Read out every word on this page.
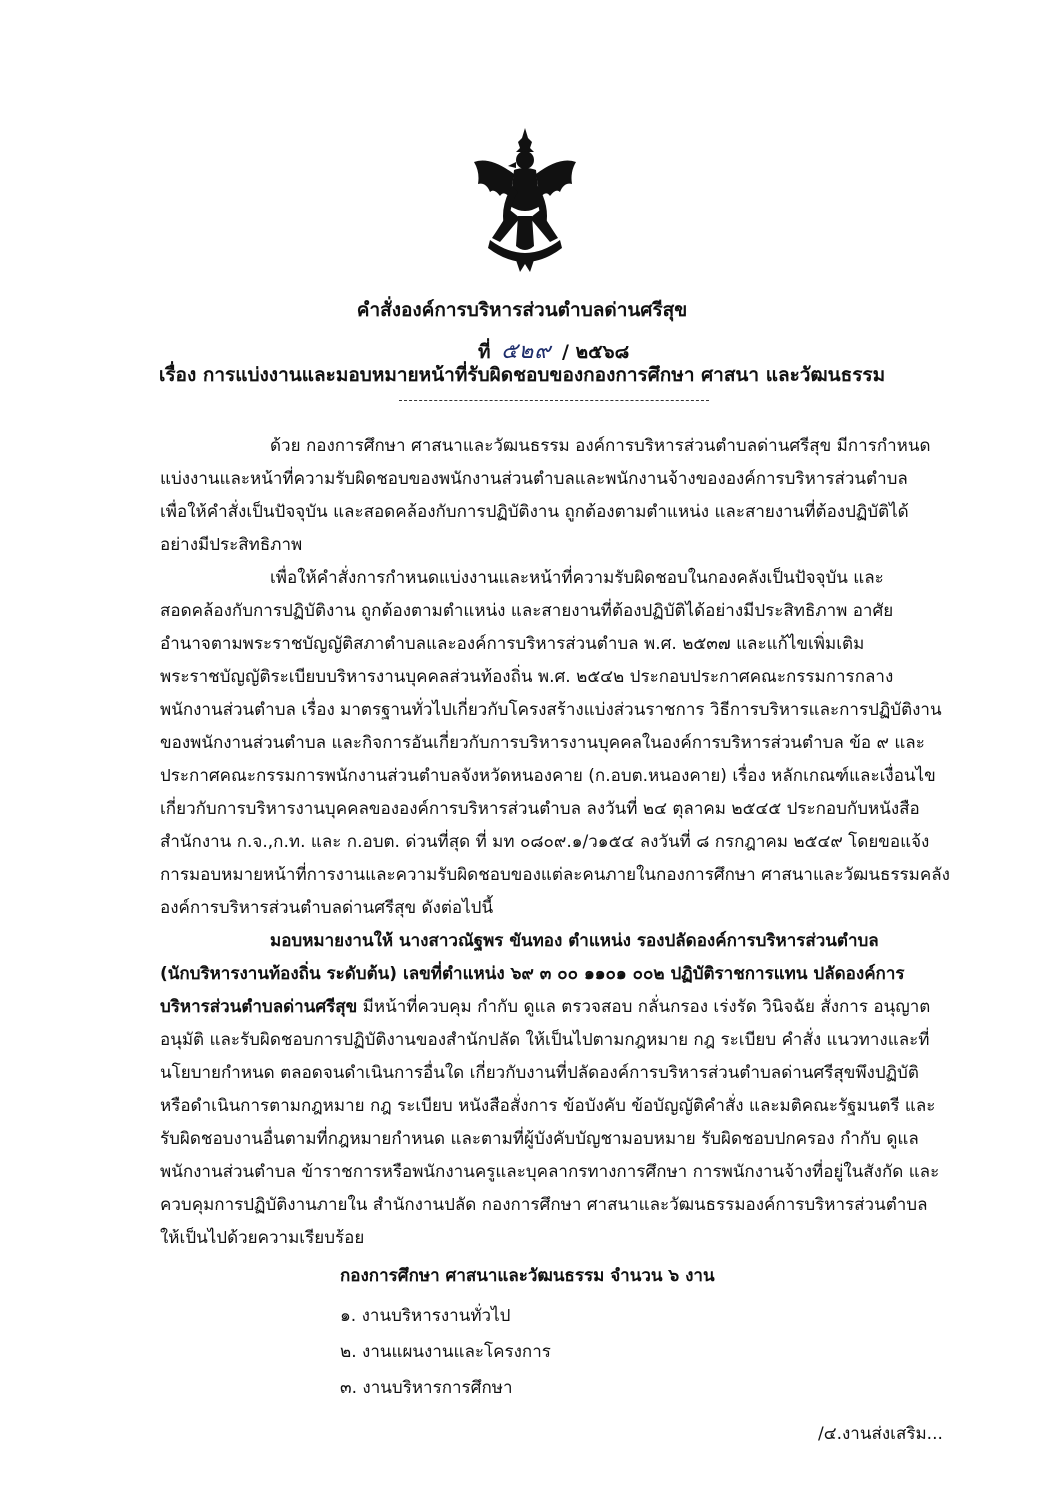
คำสั่งองค์การบริหารส่วนตำบลด่านศรีสุข
ที่ ๕๒๙ / ๒๕๖๘
เรื่อง การแบ่งงานและมอบหมายหน้าที่รับผิดชอบของกองการศึกษา ศาสนา และวัฒนธรรม
ด้วย กองการศึกษา ศาสนาและวัฒนธรรม องค์การบริหารส่วนตำบลด่านศรีสุข มีการกำหนด
แบ่งงานและหน้าที่ความรับผิดชอบของพนักงานส่วนตำบลและพนักงานจ้างขององค์การบริหารส่วนตำบล
เพื่อให้คำสั่งเป็นปัจจุบัน และสอดคล้องกับการปฏิบัติงาน ถูกต้องตามตำแหน่ง และสายงานที่ต้องปฏิบัติได้
อย่างมีประสิทธิภาพ
เพื่อให้คำสั่งการกำหนดแบ่งงานและหน้าที่ความรับผิดชอบในกองคลังเป็นปัจจุบัน และ
สอดคล้องกับการปฏิบัติงาน ถูกต้องตามตำแหน่ง และสายงานที่ต้องปฏิบัติได้อย่างมีประสิทธิภาพ อาศัย
อำนาจตามพระราชบัญญัติสภาตำบลและองค์การบริหารส่วนตำบล พ.ศ. ๒๕๓๗ และแก้ไขเพิ่มเติม
พระราชบัญญัติระเบียบบริหารงานบุคคลส่วนท้องถิ่น พ.ศ. ๒๕๔๒ ประกอบประกาศคณะกรรมการกลาง
พนักงานส่วนตำบล เรื่อง มาตรฐานทั่วไปเกี่ยวกับโครงสร้างแบ่งส่วนราชการ วิธีการบริหารและการปฏิบัติงาน
ของพนักงานส่วนตำบล และกิจการอันเกี่ยวกับการบริหารงานบุคคลในองค์การบริหารส่วนตำบล ข้อ ๙ และ
ประกาศคณะกรรมการพนักงานส่วนตำบลจังหวัดหนองคาย (ก.อบต.หนองคาย) เรื่อง หลักเกณฑ์และเงื่อนไข
เกี่ยวกับการบริหารงานบุคคลขององค์การบริหารส่วนตำบล ลงวันที่ ๒๔ ตุลาคม ๒๕๔๕ ประกอบกับหนังสือ
สำนักงาน ก.จ.,ก.ท. และ ก.อบต. ด่วนที่สุด ที่ มท ๐๘๐๙.๑/ว๑๕๔ ลงวันที่ ๘ กรกฎาคม ๒๕๔๙ โดยขอแจ้ง
การมอบหมายหน้าที่การงานและความรับผิดชอบของแต่ละคนภายในกองการศึกษา ศาสนาและวัฒนธรรมคลัง
องค์การบริหารส่วนตำบลด่านศรีสุข ดังต่อไปนี้
มอบหมายงานให้ นางสาวณัฐพร ขันทอง ตำแหน่ง รองปลัดองค์การบริหารส่วนตำบล
(นักบริหารงานท้องถิ่น ระดับต้น) เลขที่ตำแหน่ง ๖๙ ๓ ๐๐ ๑๑๐๑ ๐๐๒ ปฏิบัติราชการแทน ปลัดองค์การ
บริหารส่วนตำบลด่านศรีสุข มีหน้าที่ควบคุม กำกับ ดูแล ตรวจสอบ กลั่นกรอง เร่งรัด วินิจฉัย สั่งการ อนุญาต
อนุมัติ และรับผิดชอบการปฏิบัติงานของสำนักปลัด ให้เป็นไปตามกฎหมาย กฎ ระเบียบ คำสั่ง แนวทางและที่
นโยบายกำหนด ตลอดจนดำเนินการอื่นใด เกี่ยวกับงานที่ปลัดองค์การบริหารส่วนตำบลด่านศรีสุขพึงปฏิบัติ
หรือดำเนินการตามกฎหมาย กฎ ระเบียบ หนังสือสั่งการ ข้อบังคับ ข้อบัญญัติคำสั่ง และมติคณะรัฐมนตรี และ
รับผิดชอบงานอื่นตามที่กฎหมายกำหนด และตามที่ผู้บังคับบัญชามอบหมาย รับผิดชอบปกครอง กำกับ ดูแล
พนักงานส่วนตำบล ข้าราชการหรือพนักงานครูและบุคลากรทางการศึกษา การพนักงานจ้างที่อยู่ในสังกัด และ
ควบคุมการปฏิบัติงานภายใน สำนักงานปลัด กองการศึกษา ศาสนาและวัฒนธรรมองค์การบริหารส่วนตำบล
ให้เป็นไปด้วยความเรียบร้อย
กองการศึกษา ศาสนาและวัฒนธรรม จำนวน ๖ งาน
๑. งานบริหารงานทั่วไป
๒. งานแผนงานและโครงการ
๓. งานบริหารการศึกษา
/๔.งานส่งเสริม...
